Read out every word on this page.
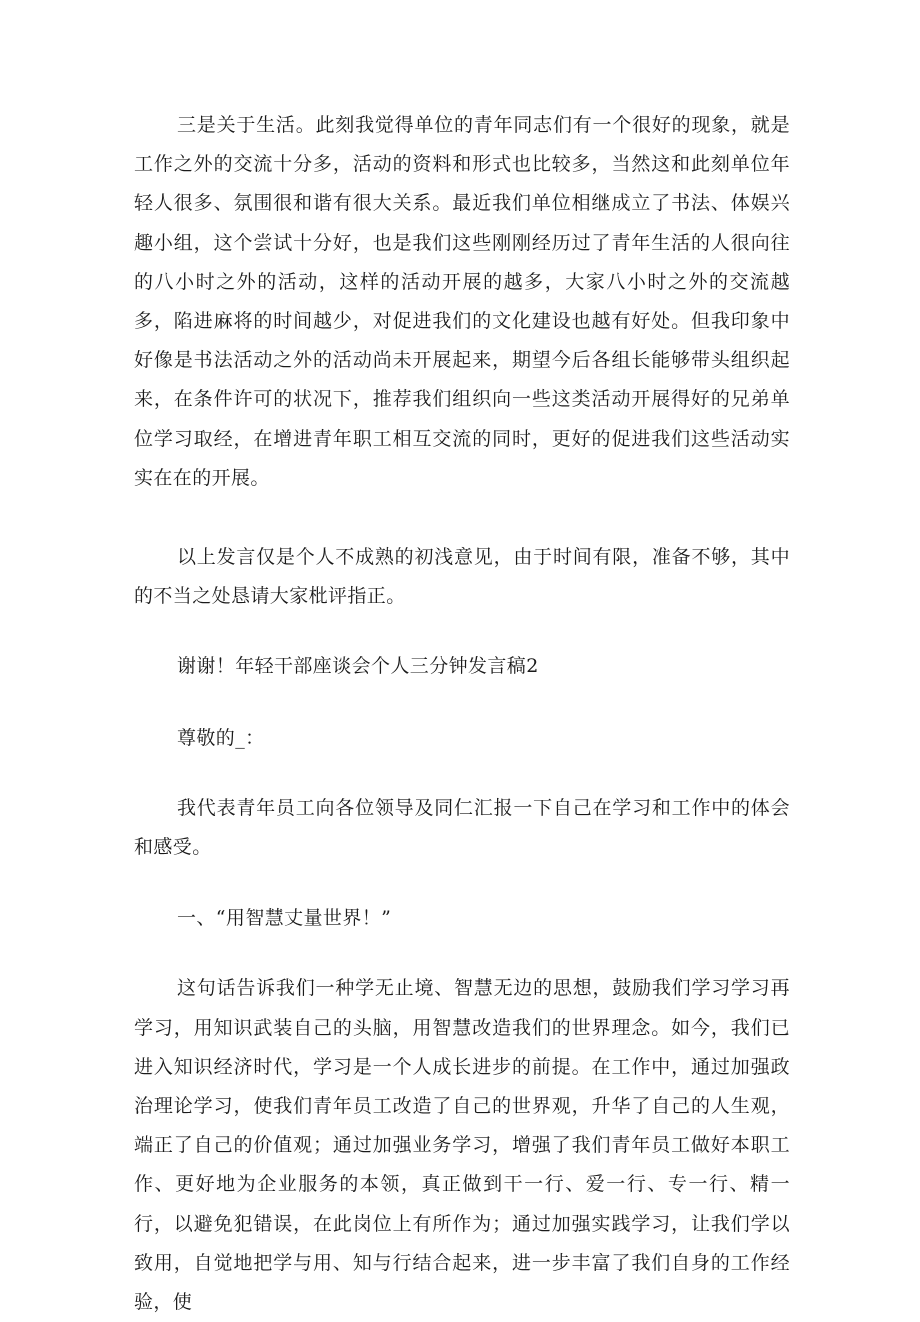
三是关于生活。此刻我觉得单位的青年同志们有一个很好的现象，就是工作之外的交流十分多，活动的资料和形式也比较多，当然这和此刻单位年轻人很多、氛围很和谐有很大关系。最近我们单位相继成立了书法、体娱兴趣小组，这个尝试十分好，也是我们这些刚刚经历过了青年生活的人很向往的八小时之外的活动，这样的活动开展的越多，大家八小时之外的交流越多，陷进麻将的时间越少，对促进我们的文化建设也越有好处。但我印象中好像是书法活动之外的活动尚未开展起来，期望今后各组长能够带头组织起来，在条件许可的状况下，推荐我们组织向一些这类活动开展得好的兄弟单位学习取经，在增进青年职工相互交流的同时，更好的促进我们这些活动实实在在的开展。

以上发言仅是个人不成熟的初浅意见，由于时间有限，准备不够，其中的不当之处恳请大家枇评指正。

谢谢！年轻干部座谈会个人三分钟发言稿2

尊敬的_：

我代表青年员工向各位领导及同仁汇报一下自己在学习和工作中的体会和感受。

一、“用智慧丈量世界！”

这句话告诉我们一种学无止境、智慧无边的思想，鼓励我们学习学习再学习，用知识武装自己的头脑，用智慧改造我们的世界理念。如今，我们已进入知识经济时代，学习是一个人成长进步的前提。在工作中，通过加强政治理论学习，使我们青年员工改造了自己的世界观，升华了自己的人生观，端正了自己的价值观；通过加强业务学习，增强了我们青年员工做好本职工作、更好地为企业服务的本领，真正做到干一行、爱一行、专一行、精一行，以避免犯错误，在此岗位上有所作为；通过加强实践学习，让我们学以致用，自觉地把学与用、知与行结合起来，进一步丰富了我们自身的工作经验，使
